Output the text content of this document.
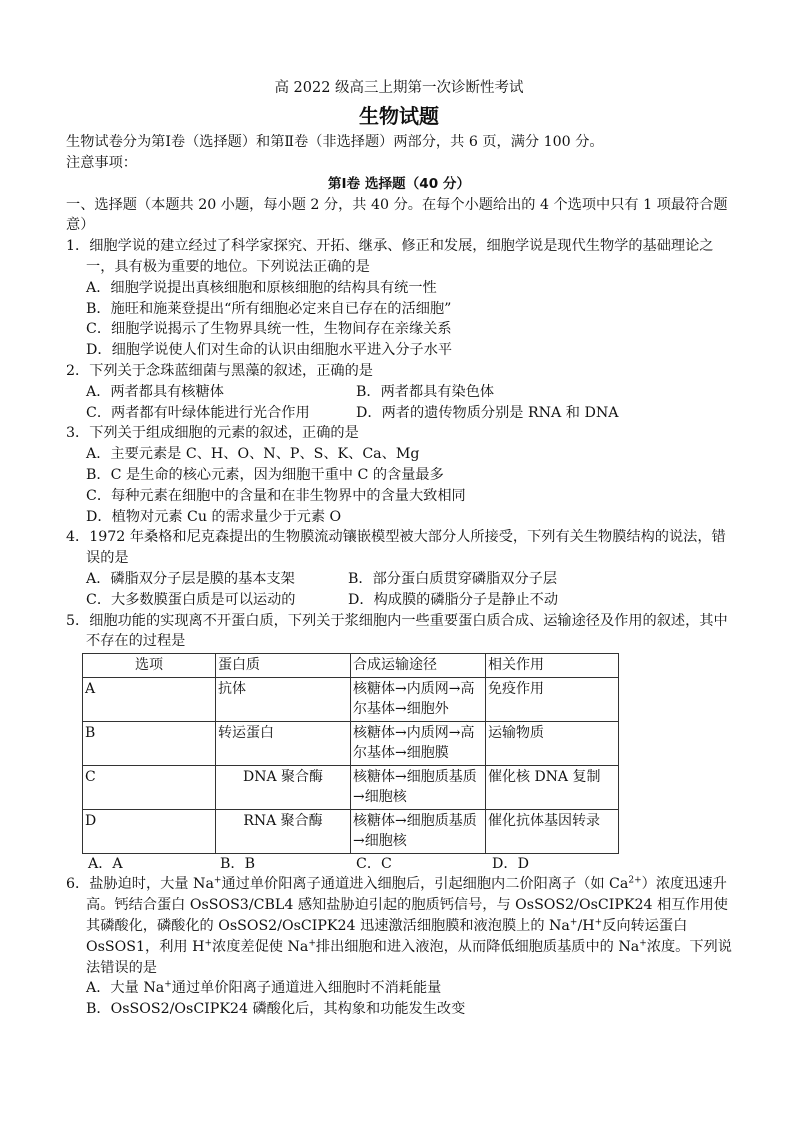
高 2022 级高三上期第一次诊断性考试
生物试题
生物试卷分为第Ⅰ卷（选择题）和第Ⅱ卷（非选择题）两部分，共 6 页，满分 100 分。
注意事项：
第Ⅰ卷 选择题（40 分）
一、选择题（本题共 20 小题，每小题 2 分，共 40 分。在每个小题给出的 4 个选项中只有 1 项最符合题意）
1．细胞学说的建立经过了科学家探究、开拓、继承、修正和发展，细胞学说是现代生物学的基础理论之一，具有极为重要的地位。下列说法正确的是
A．细胞学说提出真核细胞和原核细胞的结构具有统一性
B．施旺和施莱登提出“所有细胞必定来自已存在的活细胞”
C．细胞学说揭示了生物界具统一性，生物间存在亲缘关系
D．细胞学说使人们对生命的认识由细胞水平进入分子水平
2．下列关于念珠蓝细菌与黑藻的叙述，正确的是
A．两者都具有核糖体	B．两者都具有染色体
C．两者都有叶绿体能进行光合作用	D．两者的遗传物质分别是 RNA 和 DNA
3．下列关于组成细胞的元素的叙述，正确的是
A．主要元素是 C、H、O、N、P、S、K、Ca、Mg
B．C 是生命的核心元素，因为细胞干重中 C 的含量最多
C．每种元素在细胞中的含量和在非生物界中的含量大致相同
D．植物对元素 Cu 的需求量少于元素 O
4．1972 年桑格和尼克森提出的生物膜流动镶嵌模型被大部分人所接受，下列有关生物膜结构的说法，错误的是
A．磷脂双分子层是膜的基本支架	B．部分蛋白质贯穿磷脂双分子层
C．大多数膜蛋白质是可以运动的	D．构成膜的磷脂分子是静止不动
5．细胞功能的实现离不开蛋白质，下列关于浆细胞内一些重要蛋白质合成、运输途径及作用的叙述，其中不存在的过程是
选项	蛋白质	合成运输途径	相关作用
A	抗体	核糖体→内质网→高尔基体→细胞外	免疫作用
B	转运蛋白	核糖体→内质网→高尔基体→细胞膜	运输物质
C	DNA 聚合酶	核糖体→细胞质基质→细胞核	催化核 DNA 复制
D	RNA 聚合酶	核糖体→细胞质基质→细胞核	催化抗体基因转录
A．A	B．B	C．C	D．D
6．盐胁迫时，大量 Na+通过单价阳离子通道进入细胞后，引起细胞内二价阳离子（如 $Ca^{2+}$）浓度迅速升高。钙结合蛋白 OsSOS3/CBL4 感知盐胁迫引起的胞质钙信号，与 OsSOS2/OsCIPK24 相互作用使其磷酸化，磷酸化的 OsSOS2/OsCIPK24 迅速激活细胞膜和液泡膜上的 Na+/H+反向转运蛋白 OsSOS1，利用 H+浓度差促使 Na+排出细胞和进入液泡，从而降低细胞质基质中的 Na+浓度。下列说法错误的是
A．大量 Na+通过单价阳离子通道进入细胞时不消耗能量
B．OsSOS2/OsCIPK24 磷酸化后，其构象和功能发生改变
